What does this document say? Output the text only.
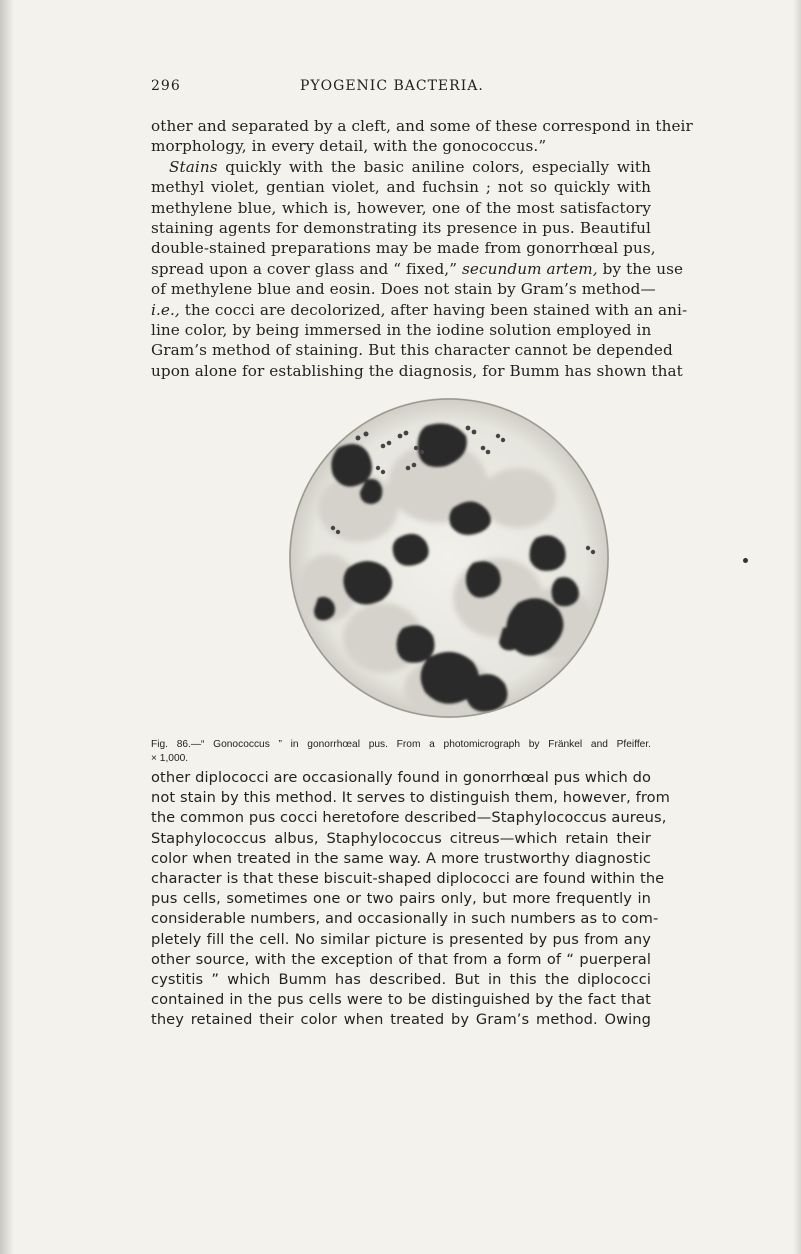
296	PYOGENIC BACTERIA.
other and separated by a cleft, and some of these correspond in their
morphology, in every detail, with the gonococcus.”
Stains quickly with the basic aniline colors, especially with
methyl violet, gentian violet, and fuchsin ; not so quickly with
methylene blue, which is, however, one of the most satisfactory
staining agents for demonstrating its presence in pus. Beautiful
double-stained preparations may be made from gonorrhœal pus,
spread upon a cover glass and “ fixed,” secundum artem, by the use
of methylene blue and eosin. Does not stain by Gram’s method—
i.e., the cocci are decolorized, after having been stained with an ani-
line color, by being immersed in the iodine solution employed in
Gram’s method of staining. But this character cannot be depended
upon alone for establishing the diagnosis, for Bumm has shown that
Fig. 86.—“ Gonococcus ” in gonorrhœal pus. From a photomicrograph by Fränkel and Pfeiffer.
× 1,000.
other diplococci are occasionally found in gonorrhœal pus which do
not stain by this method. It serves to distinguish them, however, from
the common pus cocci heretofore described—Staphylococcus aureus,
Staphylococcus albus, Staphylococcus citreus—which retain their
color when treated in the same way. A more trustworthy diagnostic
character is that these biscuit-shaped diplococci are found within the
pus cells, sometimes one or two pairs only, but more frequently in
considerable numbers, and occasionally in such numbers as to com-
pletely fill the cell. No similar picture is presented by pus from any
other source, with the exception of that from a form of “ puerperal
cystitis ” which Bumm has described. But in this the diplococci
contained in the pus cells were to be distinguished by the fact that
they retained their color when treated by Gram’s method. Owing
